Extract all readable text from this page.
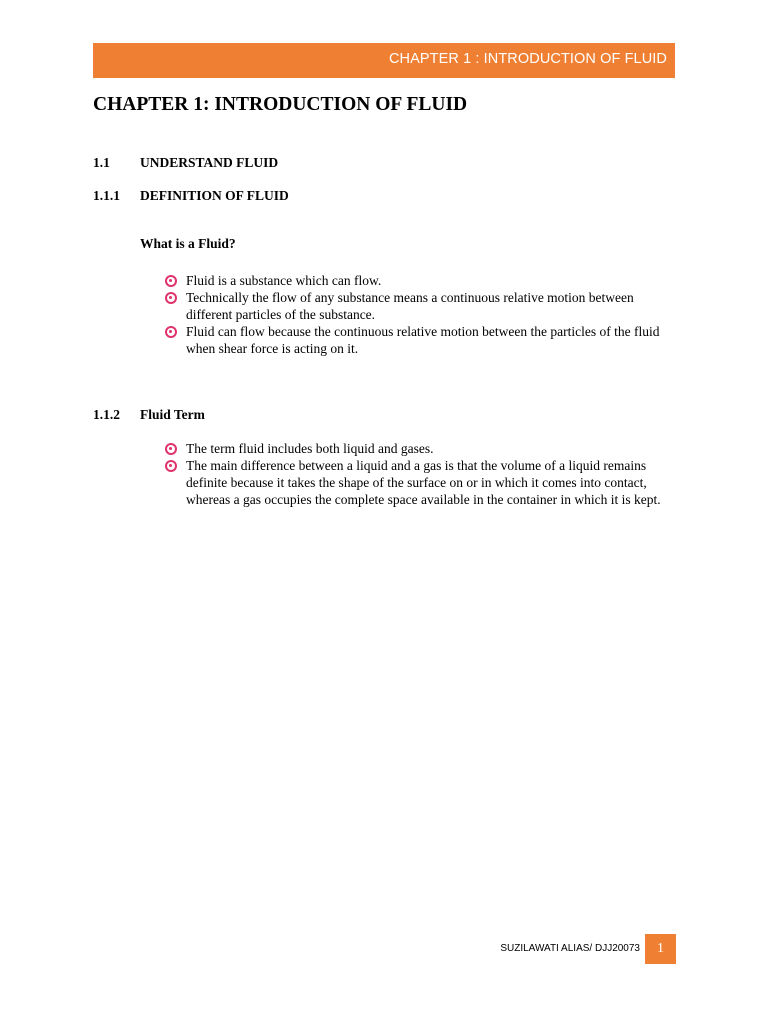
CHAPTER 1 : INTRODUCTION OF FLUID
CHAPTER 1: INTRODUCTION OF FLUID
1.1 UNDERSTAND FLUID
1.1.1 DEFINITION OF FLUID
What is a Fluid?
Fluid is a substance which can flow.
Technically the flow of any substance means a continuous relative motion between different particles of the substance.
Fluid can flow because the continuous relative motion between the particles of the fluid when shear force is acting on it.
1.1.2 Fluid Term
The term fluid includes both liquid and gases.
The main difference between a liquid and a gas is that the volume of a liquid remains definite because it takes the shape of the surface on or in which it comes into contact, whereas a gas occupies the complete space available in the container in which it is kept.
SUZILAWATI ALIAS/ DJJ20073	1
